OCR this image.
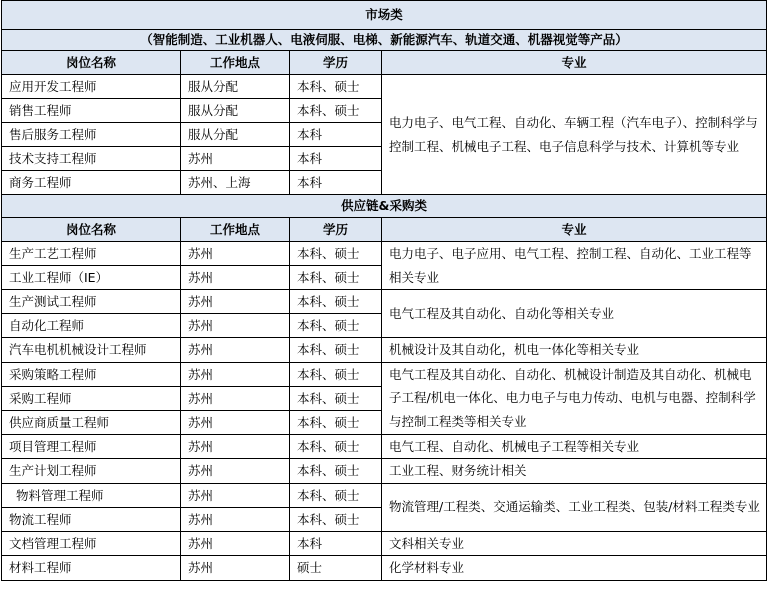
市场类			
（智能制造、工业机器人、电液伺服、电梯、新能源汽车、轨道交通、机器视觉等产品）			
岗位名称	工作地点	学历	专业
应用开发工程师	服从分配	本科、硕士	电力电子、电气工程、自动化、车辆工程（汽车电子）、控制科学与控制工程、机械电子工程、电子信息科学与技术、计算机等专业
销售工程师	服从分配	本科、硕士	
售后服务工程师	服从分配	本科	
技术支持工程师	苏州	本科	
商务工程师	苏州、上海	本科	
供应链&采购类			
岗位名称	工作地点	学历	专业
生产工艺工程师	苏州	本科、硕士	电力电子、电子应用、电气工程、控制工程、自动化、工业工程等相关专业
工业工程师（IE）	苏州	本科、硕士	
生产测试工程师	苏州	本科、硕士	电气工程及其自动化、自动化等相关专业
自动化工程师	苏州	本科、硕士	
汽车电机机械设计工程师	苏州	本科、硕士	机械设计及其自动化，机电一体化等相关专业
采购策略工程师	苏州	本科、硕士	电气工程及其自动化、自动化、机械设计制造及其自动化、机械电子工程/机电一体化、电力电子与电力传动、电机与电器、控制科学与控制工程类等相关专业
采购工程师	苏州	本科、硕士	
供应商质量工程师	苏州	本科、硕士	
项目管理工程师	苏州	本科、硕士	电气工程、自动化、机械电子工程等相关专业
生产计划工程师	苏州	本科、硕士	工业工程、财务统计相关
物料管理工程师	苏州	本科、硕士	物流管理/工程类、交通运输类、工业工程类、包装/材料工程类专业
物流工程师	苏州	本科、硕士	
文档管理工程师	苏州	本科	文科相关专业
材料工程师	苏州	硕士	化学材料专业
